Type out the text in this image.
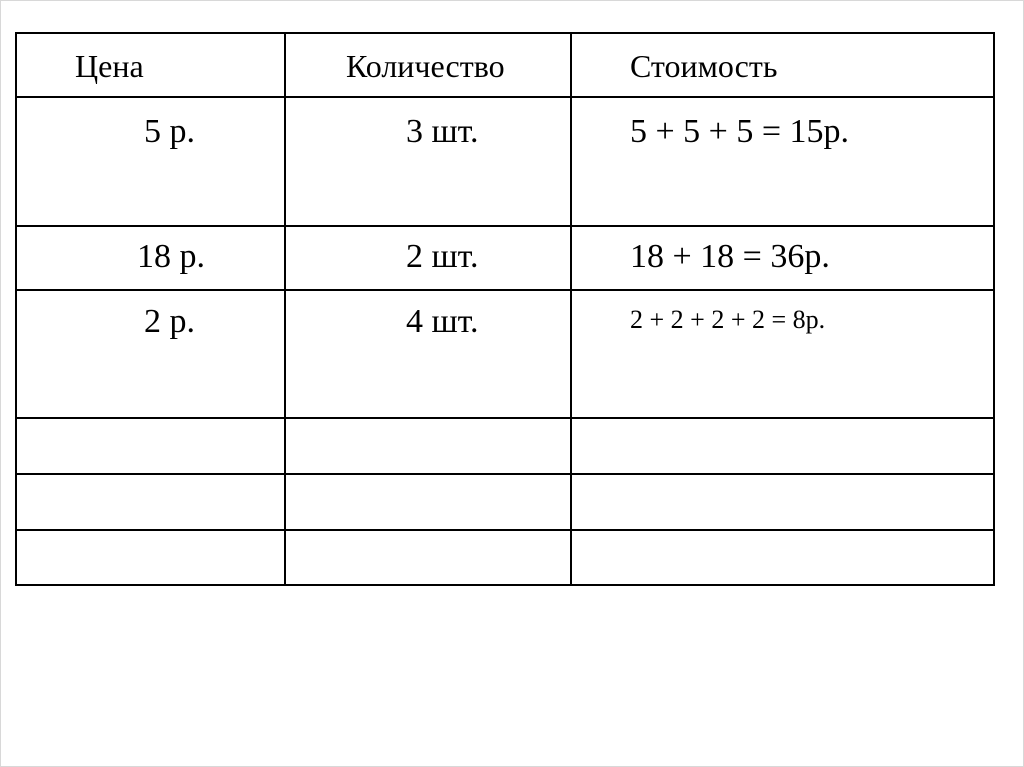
Цена	Количество	Стоимость

5 р.	3 шт.	5 + 5 + 5 = 15р.

18 р.	2 шт.	18 + 18 = 36р.

2 р.	4 шт.	2 + 2 + 2 + 2 = 8р.
